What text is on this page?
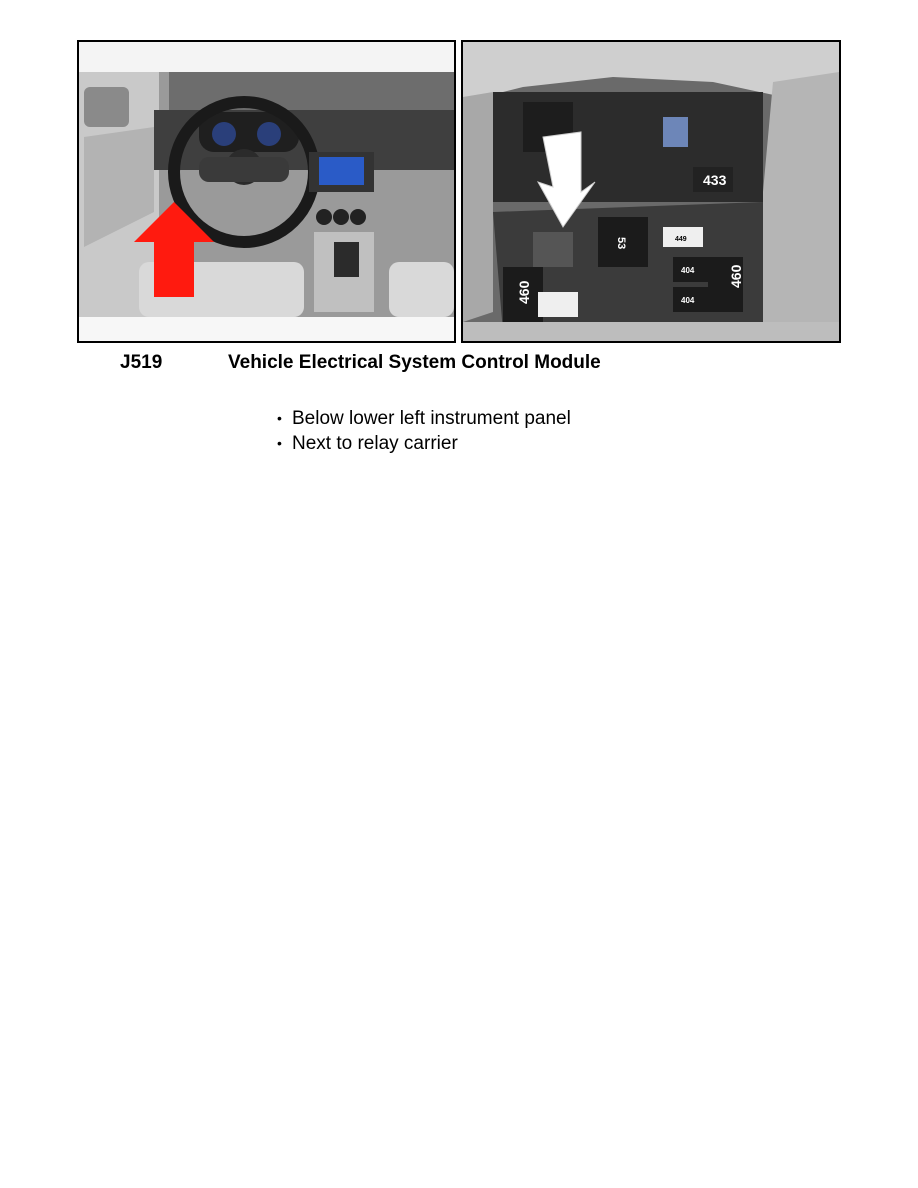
433
460
53	449
404
404
460
J519	Vehicle Electrical System Control Module
• Below lower left instrument panel
• Next to relay carrier
